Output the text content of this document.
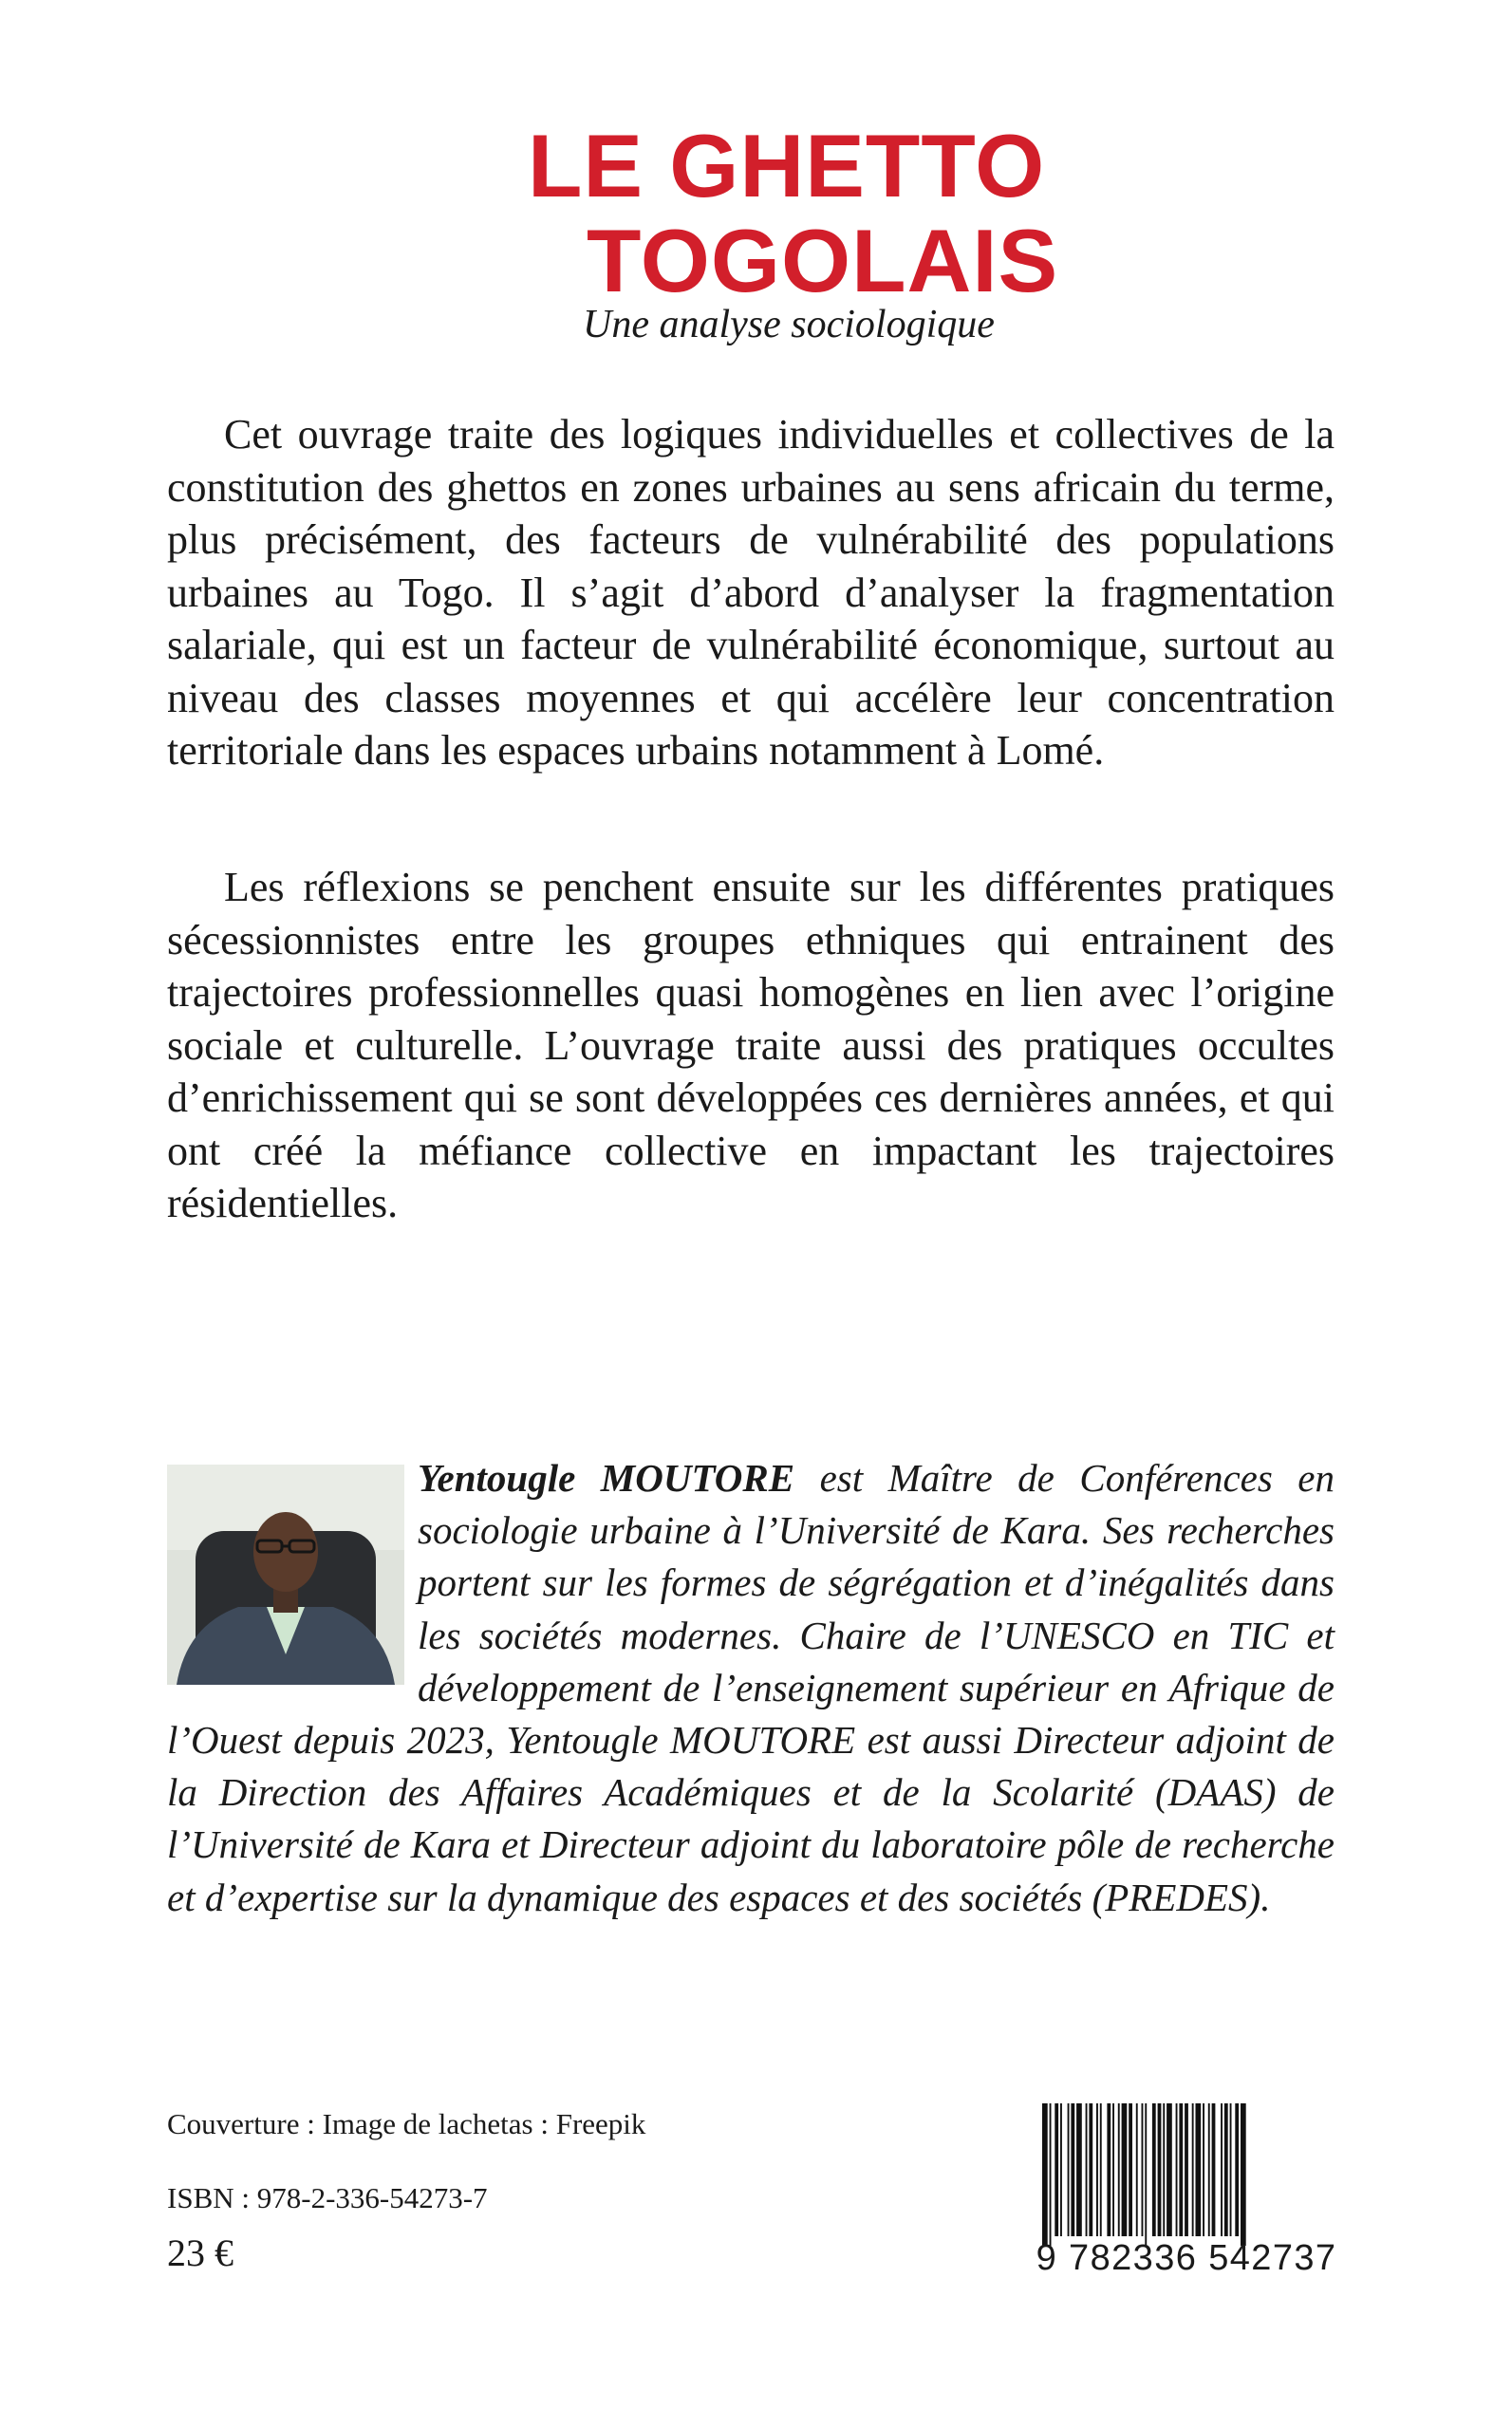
LE GHETTO
TOGOLAIS

Une analyse sociologique

Cet ouvrage traite des logiques individuelles et collectives de la constitution des ghettos en zones urbaines au sens africain du terme, plus précisément, des facteurs de vulnérabilité des populations urbaines au Togo. Il s’agit d’abord d’analyser la fragmentation salariale, qui est un facteur de vulnérabilité économique, surtout au niveau des classes moyennes et qui accélère leur concentration territoriale dans les espaces urbains notamment à Lomé.

Les réflexions se penchent ensuite sur les différentes pratiques sécessionnistes entre les groupes ethniques qui entrainent des trajectoires professionnelles quasi homogènes en lien avec l’origine sociale et culturelle. L’ouvrage traite aussi des pratiques occultes d’enrichissement qui se sont développées ces dernières années, et qui ont créé la méfiance collective en impactant les trajectoires résidentielles.

Yentougle MOUTORE est Maître de Conférences en sociologie urbaine à l’Université de Kara. Ses recherches portent sur les formes de ségrégation et d’inégalités dans les sociétés modernes. Chaire de l’UNESCO en TIC et développement de l’enseignement supérieur en Afrique de l’Ouest depuis 2023, Yentougle MOUTORE est aussi Directeur adjoint de la Direction des Affaires Académiques et de la Scolarité (DAAS) de l’Université de Kara et Directeur adjoint du laboratoire pôle de recherche et d’expertise sur la dynamique des espaces et des sociétés (PREDES).

Couverture : Image de lachetas : Freepik

ISBN : 978-2-336-54273-7

23 €	9 782336 542737
